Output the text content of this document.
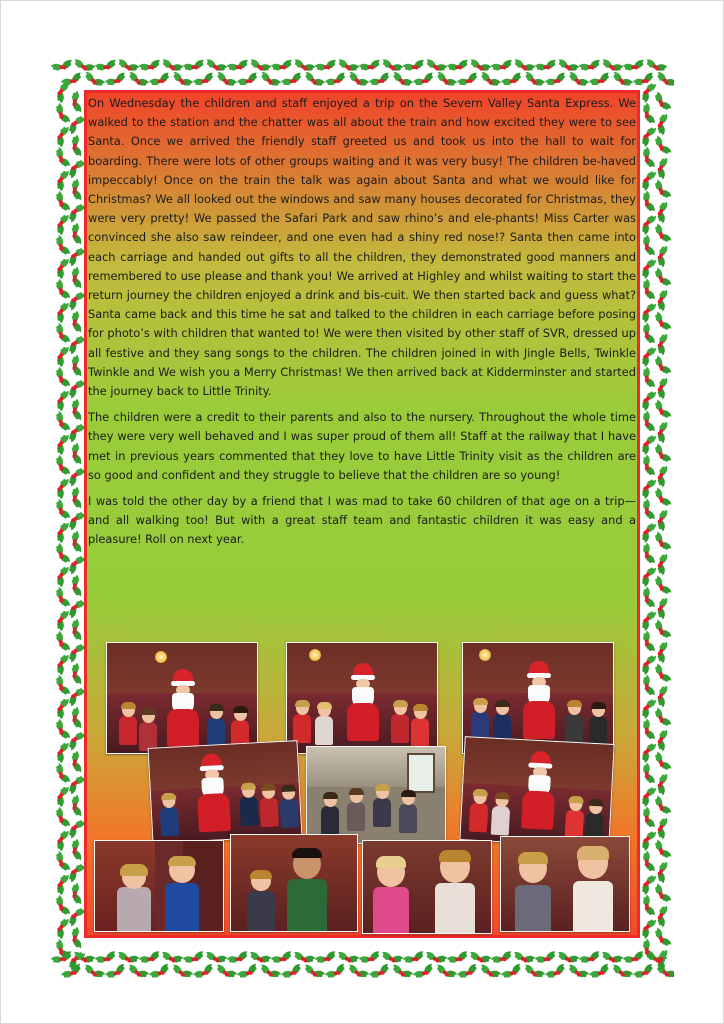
On Wednesday the children and staff enjoyed a trip on the Severn Valley Santa Express. We walked to the station and the chatter was all about the train and how excited they were to see Santa. Once we arrived the friendly staff greeted us and took us into the hall to wait for boarding. There were lots of other groups waiting and it was very busy! The children be-haved impeccably! Once on the train the talk was again about Santa and what we would like for Christmas? We all looked out the windows and saw many houses decorated for Christmas, they were very pretty! We passed the Safari Park and saw rhino’s and ele-phants! Miss Carter was convinced she also saw reindeer, and one even had a shiny red nose!? Santa then came into each carriage and handed out gifts to all the children, they demonstrated good manners and remembered to use please and thank you! We arrived at Highley and whilst waiting to start the return journey the children enjoyed a drink and bis-cuit. We then started back and guess what? Santa came back and this time he sat and talked to the children in each carriage before posing for photo’s with children that wanted to! We were then visited by other staff of SVR, dressed up all festive and they sang songs to the children. The children joined in with Jingle Bells, Twinkle Twinkle and We wish you a Merry Christmas! We then arrived back at Kidderminster and started the journey back to Little Trinity.

The children were a credit to their parents and also to the nursery. Throughout the whole time they were very well behaved and I was super proud of them all! Staff at the railway that I have met in previous years commented that they love to have Little Trinity visit as the children are so good and confident and they struggle to believe that the children are so young!

I was told the other day by a friend that I was mad to take 60 children of that age on a trip—and all walking too! But with a great staff team and fantastic children it was easy and a pleasure! Roll on next year.
